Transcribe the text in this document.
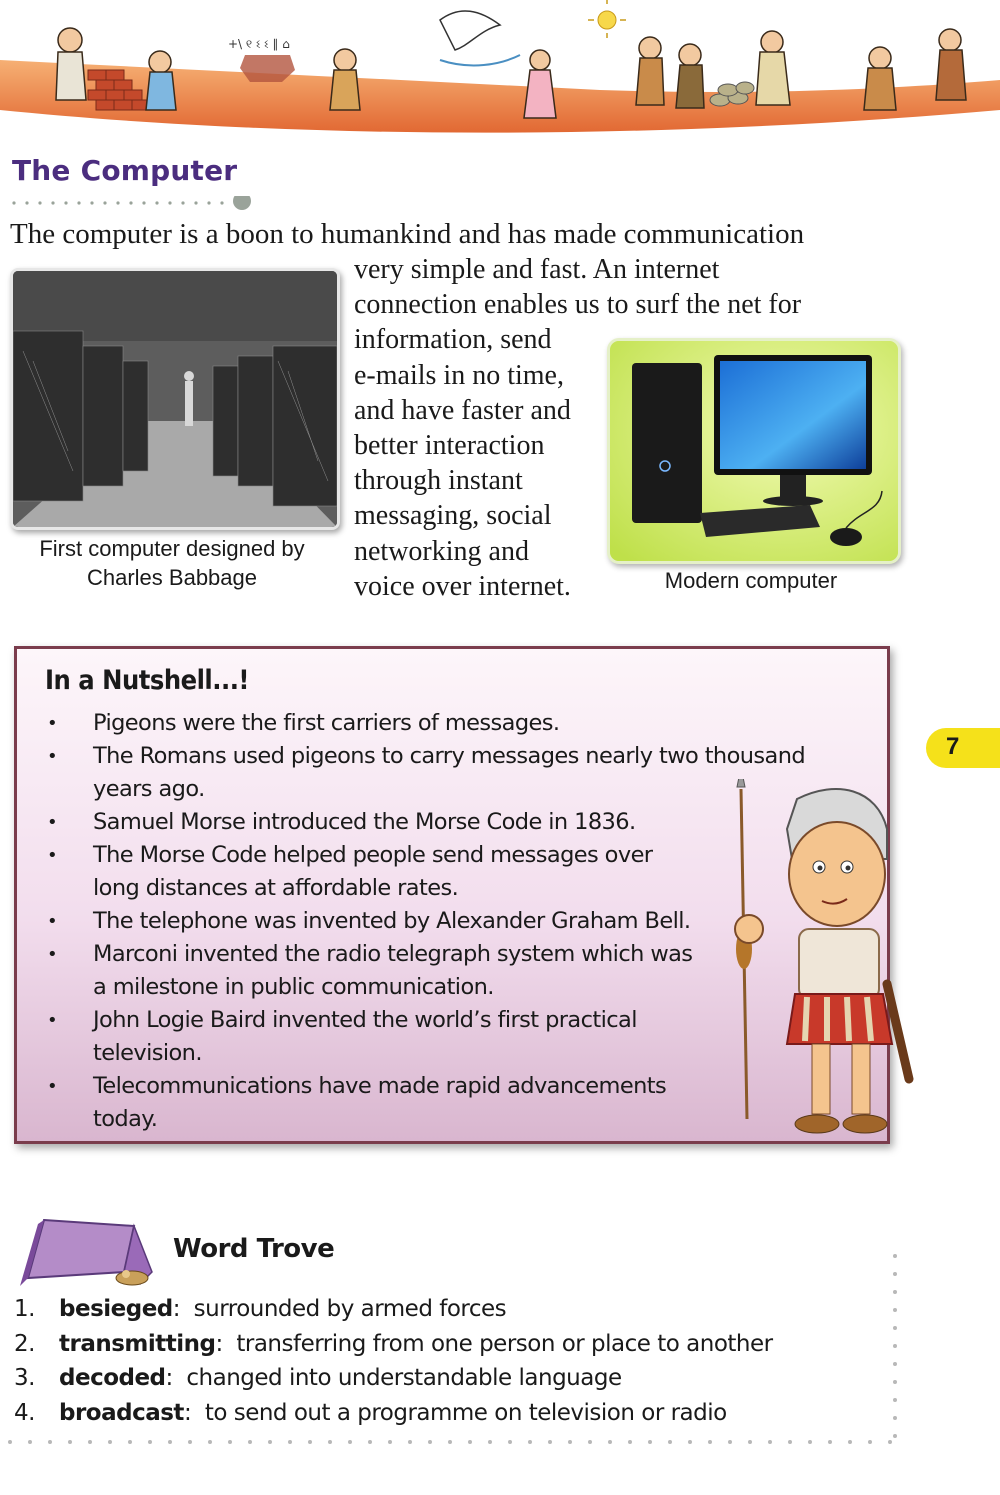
+\ ୧ ଽ ଽ ∥ ⌂
The Computer
The computer is a boon to humankind and has made communication
very simple and fast. An internet
connection enables us to surf the net for
information, send
e-mails in no time,
and have faster and
better interaction
through instant
messaging, social
networking and
voice over internet.
First computer designed by Charles Babbage	Modern computer
In a Nutshell...!
• Pigeons were the first carriers of messages.
• The Romans used pigeons to carry messages nearly two thousand
years ago.
• Samuel Morse introduced the Morse Code in 1836.
• The Morse Code helped people send messages over
long distances at affordable rates.
• The telephone was invented by Alexander Graham Bell.
• Marconi invented the radio telegraph system which was
a milestone in public communication.
• John Logie Baird invented the world’s first practical
television.
• Telecommunications have made rapid advancements
today.
7
Word Trove
1. besieged:  surrounded by armed forces
2. transmitting:  transferring from one person or place to another
3. decoded:  changed into understandable language
4. broadcast:  to send out a programme on television or radio
